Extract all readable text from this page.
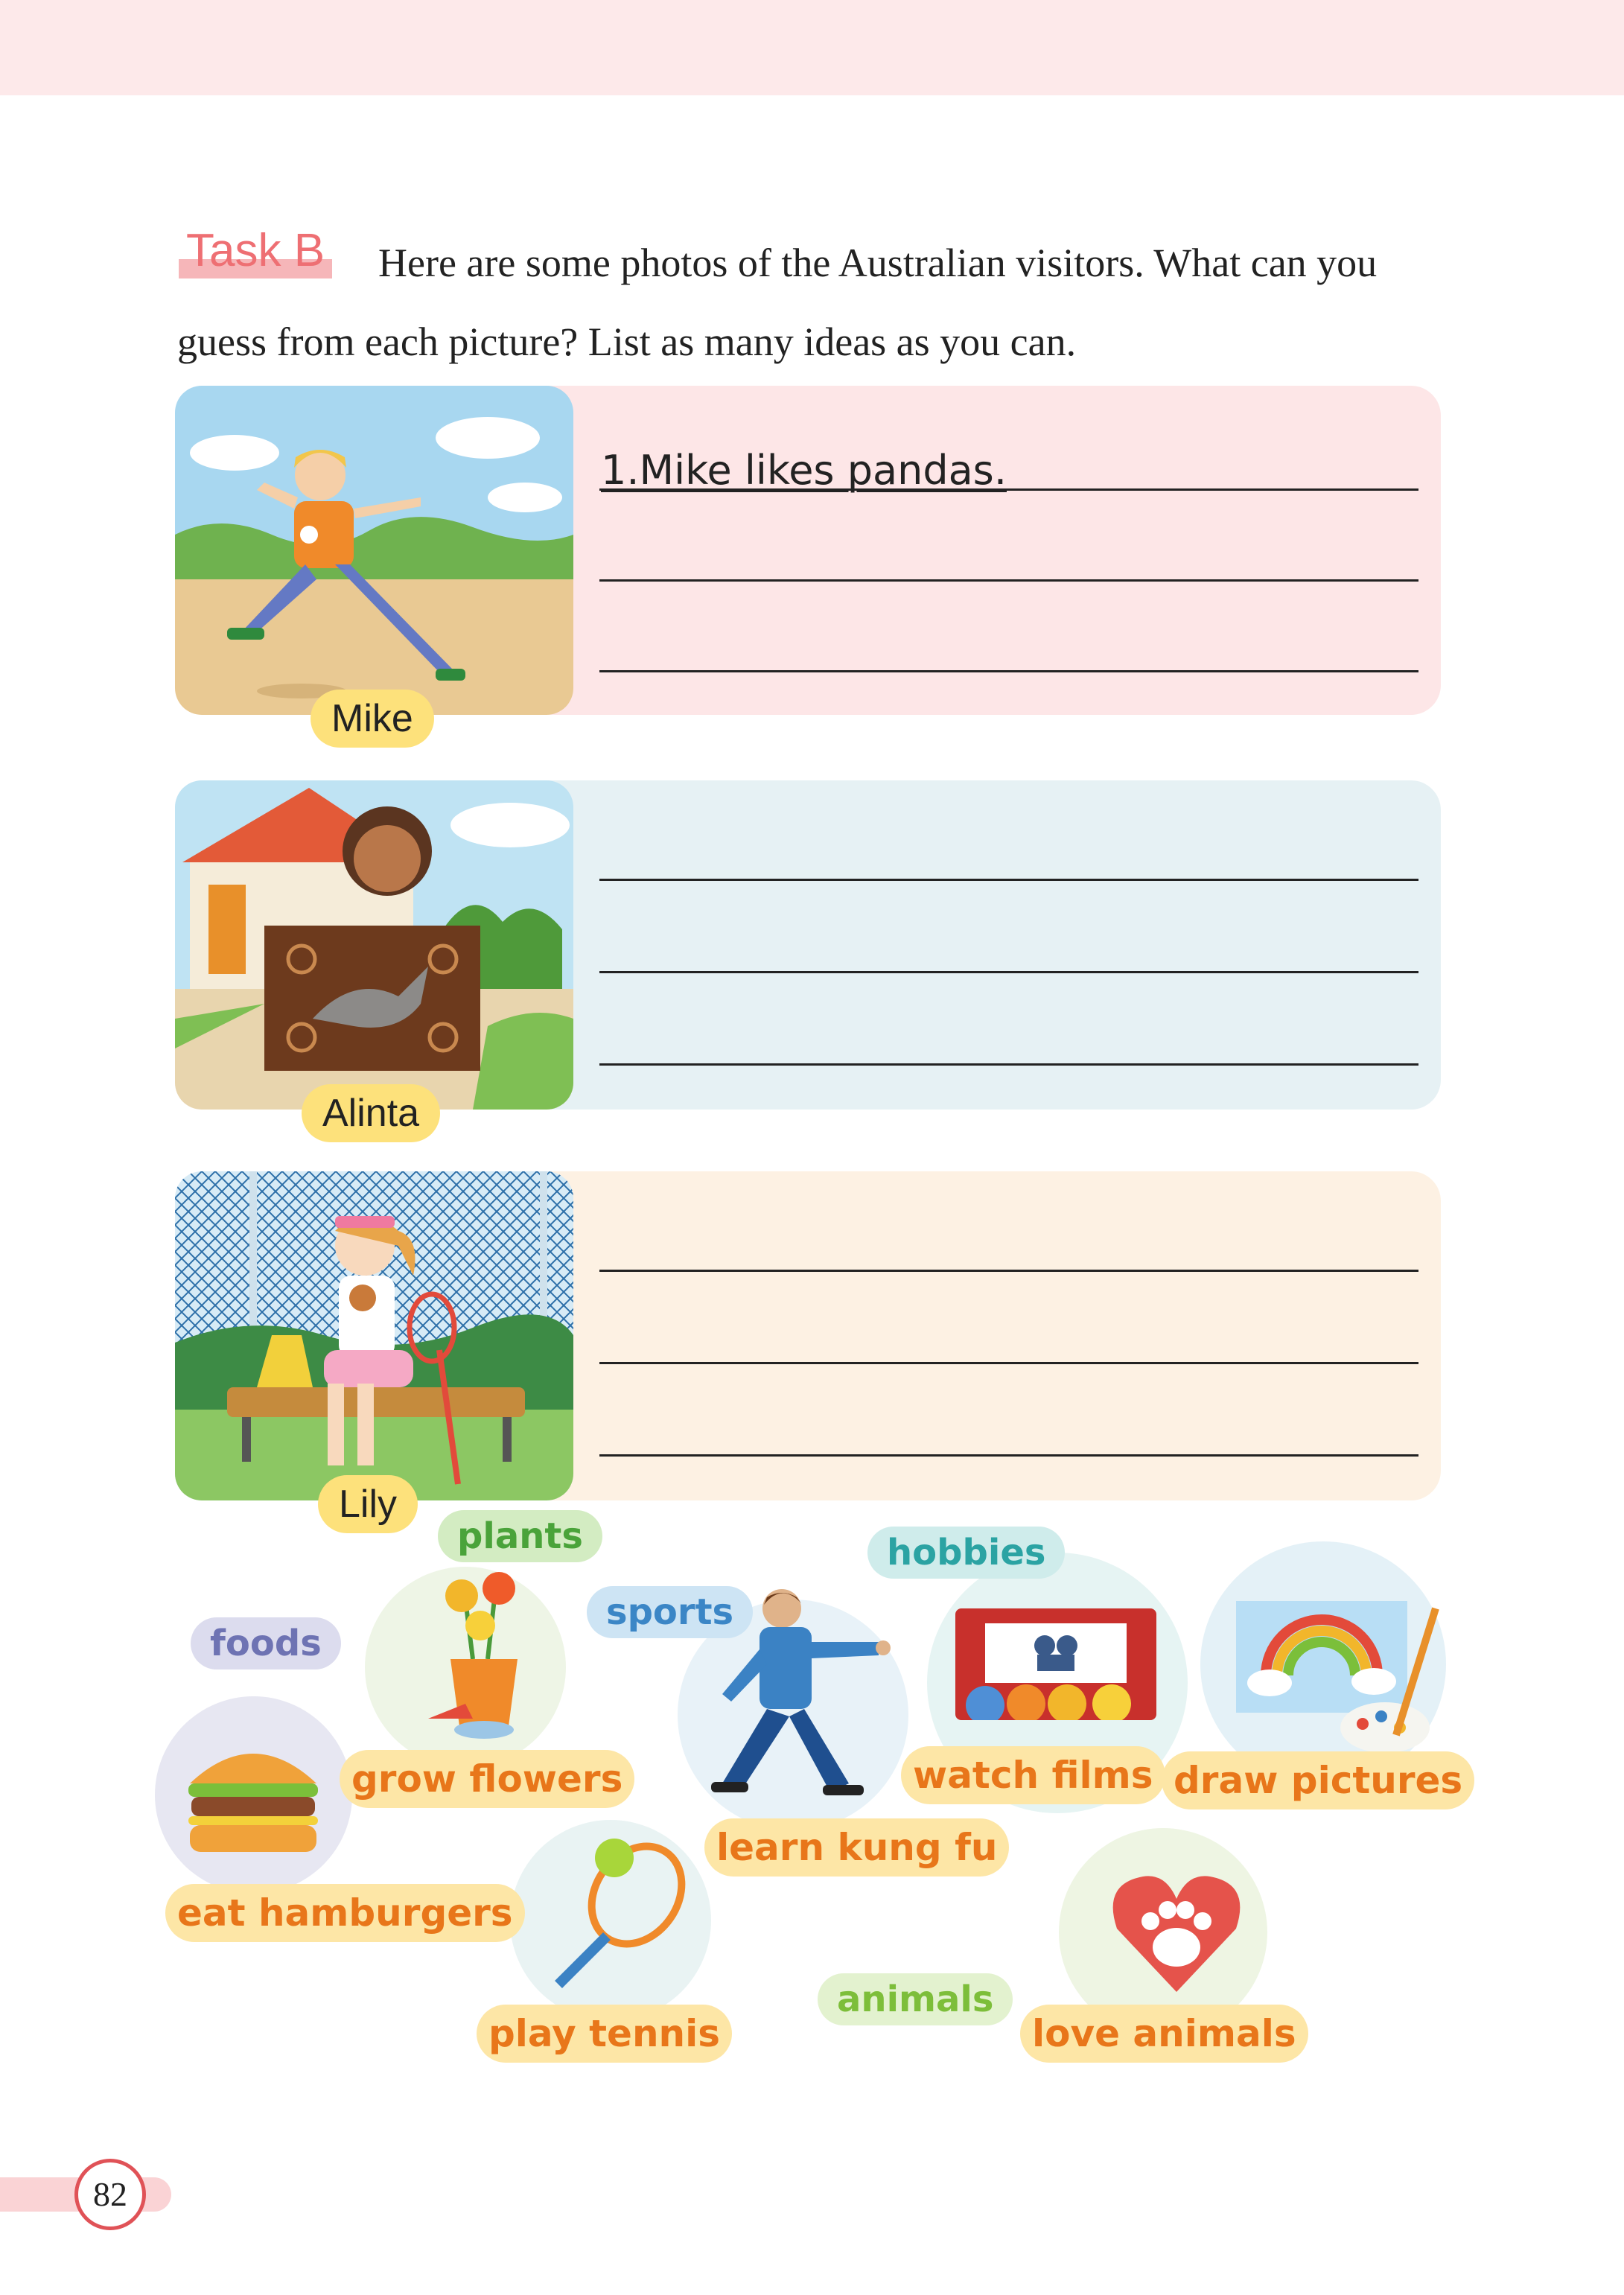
Task B	Here are some photos of the Australian visitors. What can you guess from each picture? List as many ideas as you can.
Mike
1.Mike likes pandas.
Alinta
Lily
plants
foods
sports
hobbies
animals
grow flowers
eat hamburgers
learn kung fu
watch films draw pictures
play tennis	love animals
82
